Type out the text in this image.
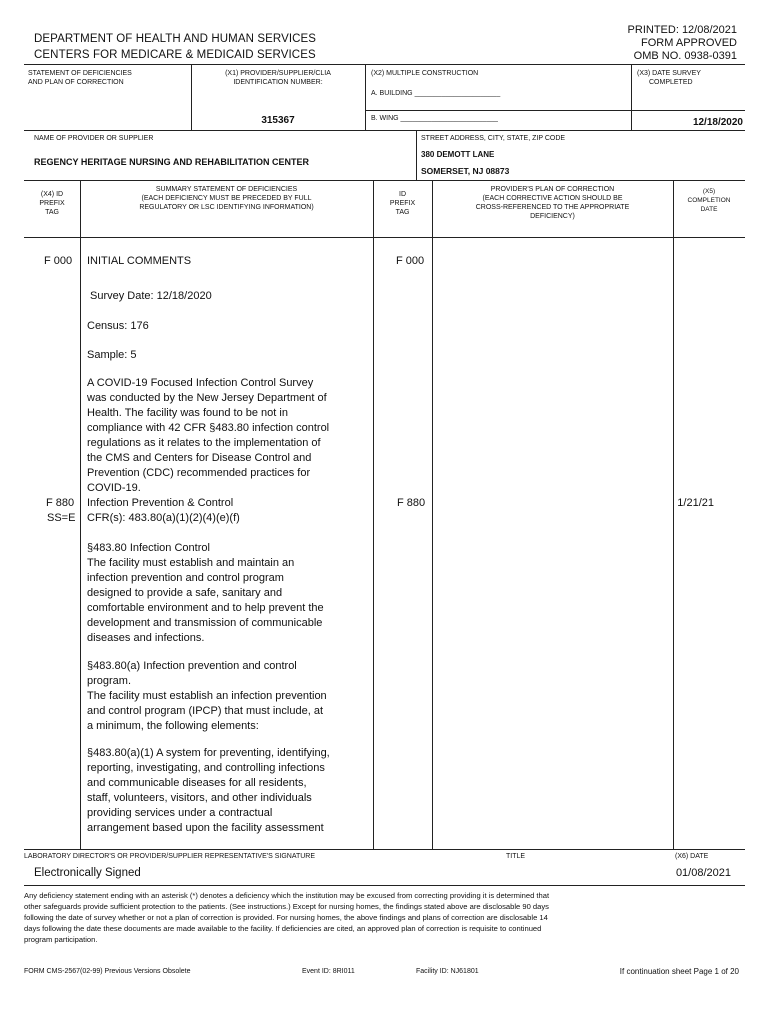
DEPARTMENT OF HEALTH AND HUMAN SERVICES
CENTERS FOR MEDICARE & MEDICAID SERVICES
PRINTED: 12/08/2021
FORM APPROVED
OMB NO. 0938-0391
STATEMENT OF DEFICIENCIES
AND PLAN OF CORRECTION
(X1) PROVIDER/SUPPLIER/CLIA
IDENTIFICATION NUMBER:
315367
(X2) MULTIPLE CONSTRUCTION
A. BUILDING ______________________
B. WING _________________________
(X3) DATE SURVEY
COMPLETED
12/18/2020
NAME OF PROVIDER OR SUPPLIER
REGENCY HERITAGE NURSING AND REHABILITATION CENTER
STREET ADDRESS, CITY, STATE, ZIP CODE
380 DEMOTT LANE
SOMERSET, NJ 08873
(X4) ID
PREFIX
TAG
SUMMARY STATEMENT OF DEFICIENCIES
(EACH DEFICIENCY MUST BE PRECEDED BY FULL
REGULATORY OR LSC IDENTIFYING INFORMATION)
ID
PREFIX
TAG
PROVIDER'S PLAN OF CORRECTION
(EACH CORRECTIVE ACTION SHOULD BE
CROSS-REFERENCED TO THE APPROPRIATE
DEFICIENCY)
(X5)
COMPLETION
DATE
F 000 INITIAL COMMENTS	F 000
Survey Date: 12/18/2020
Census: 176
Sample: 5
A COVID-19 Focused Infection Control Survey
was conducted by the New Jersey Department of
Health. The facility was found to be not in
compliance with 42 CFR §483.80 infection control
regulations as it relates to the implementation of
the CMS and Centers for Disease Control and
Prevention (CDC) recommended practices for
COVID-19.
F 880
SS=E
Infection Prevention & Control
CFR(s): 483.80(a)(1)(2)(4)(e)(f)
F 880	1/21/21
§483.80 Infection Control
The facility must establish and maintain an
infection prevention and control program
designed to provide a safe, sanitary and
comfortable environment and to help prevent the
development and transmission of communicable
diseases and infections.
§483.80(a) Infection prevention and control
program.
The facility must establish an infection prevention
and control program (IPCP) that must include, at
a minimum, the following elements:
§483.80(a)(1) A system for preventing, identifying,
reporting, investigating, and controlling infections
and communicable diseases for all residents,
staff, volunteers, visitors, and other individuals
providing services under a contractual
arrangement based upon the facility assessment
LABORATORY DIRECTOR'S OR PROVIDER/SUPPLIER REPRESENTATIVE'S SIGNATURE
Electronically Signed
TITLE	(X6) DATE
01/08/2021
Any deficiency statement ending with an asterisk (*) denotes a deficiency which the institution may be excused from correcting providing it is determined that
other safeguards provide sufficient protection to the patients. (See instructions.) Except for nursing homes, the findings stated above are disclosable 90 days
following the date of survey whether or not a plan of correction is provided. For nursing homes, the above findings and plans of correction are disclosable 14
days following the date these documents are made available to the facility. If deficiencies are cited, an approved plan of correction is requisite to continued
program participation.
FORM CMS-2567(02-99) Previous Versions Obsolete	Event ID: 8RI011	Facility ID: NJ61801	If continuation sheet Page 1 of 20
